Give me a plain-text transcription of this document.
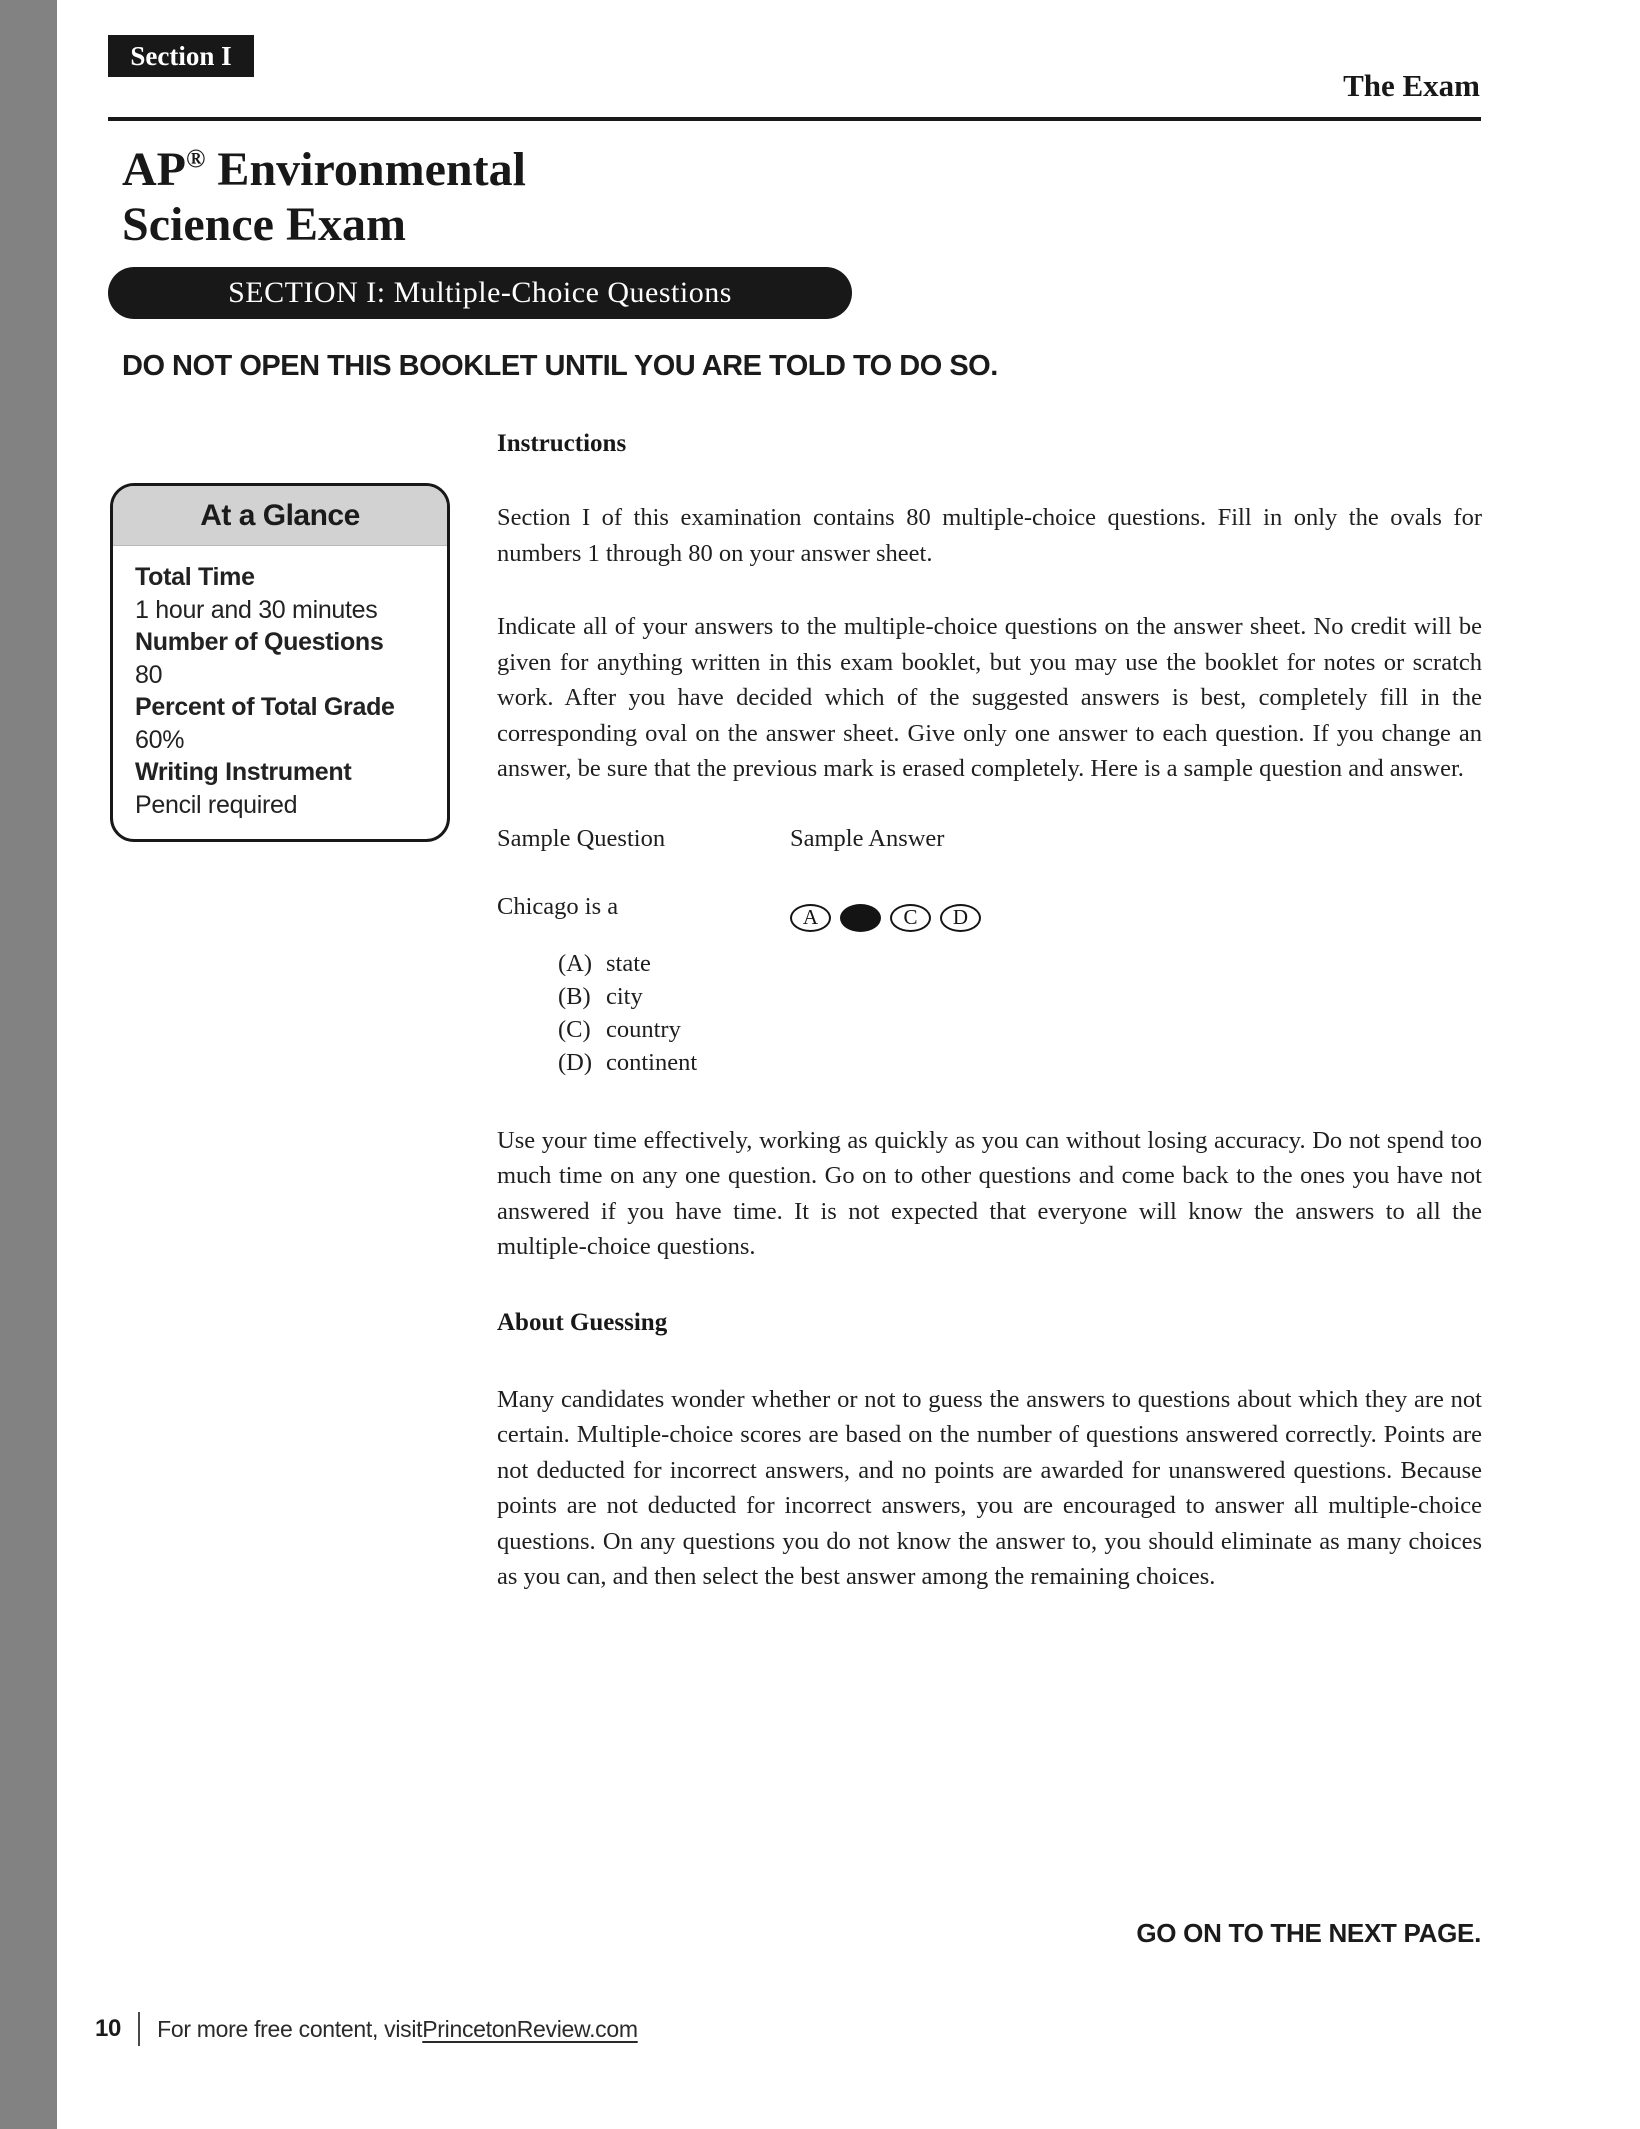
Section I
The Exam
AP® Environmental
Science Exam
SECTION I: Multiple-Choice Questions
DO NOT OPEN THIS BOOKLET UNTIL YOU ARE TOLD TO DO SO.
At a Glance
Total Time
1 hour and 30 minutes
Number of Questions
80
Percent of Total Grade
60%
Writing Instrument
Pencil required
Instructions

Section I of this examination contains 80 multiple-choice questions. Fill in only the ovals for numbers 1 through 80 on your answer sheet.

Indicate all of your answers to the multiple-choice questions on the answer sheet. No credit will be given for anything written in this exam booklet, but you may use the booklet for notes or scratch work. After you have decided which of the suggested answers is best, completely fill in the corresponding oval on the answer sheet. Give only one answer to each question. If you change an answer, be sure that the previous mark is erased completely. Here is a sample question and answer.

Sample Question	Sample Answer
Chicago is a	A	C	D
(A) state
(B) city
(C) country
(D) continent

Use your time effectively, working as quickly as you can without losing accuracy. Do not spend too much time on any one question. Go on to other questions and come back to the ones you have not answered if you have time. It is not expected that everyone will know the answers to all the multiple-choice questions.

About Guessing

Many candidates wonder whether or not to guess the answers to questions about which they are not certain. Multiple-choice scores are based on the number of questions answered correctly. Points are not deducted for incorrect answers, and no points are awarded for unanswered questions. Because points are not deducted for incorrect answers, you are encouraged to answer all multiple-choice questions. On any questions you do not know the answer to, you should eliminate as many choices as you can, and then select the best answer among the remaining choices.

GO ON TO THE NEXT PAGE.
10 For more free content, visit PrincetonReview.com
